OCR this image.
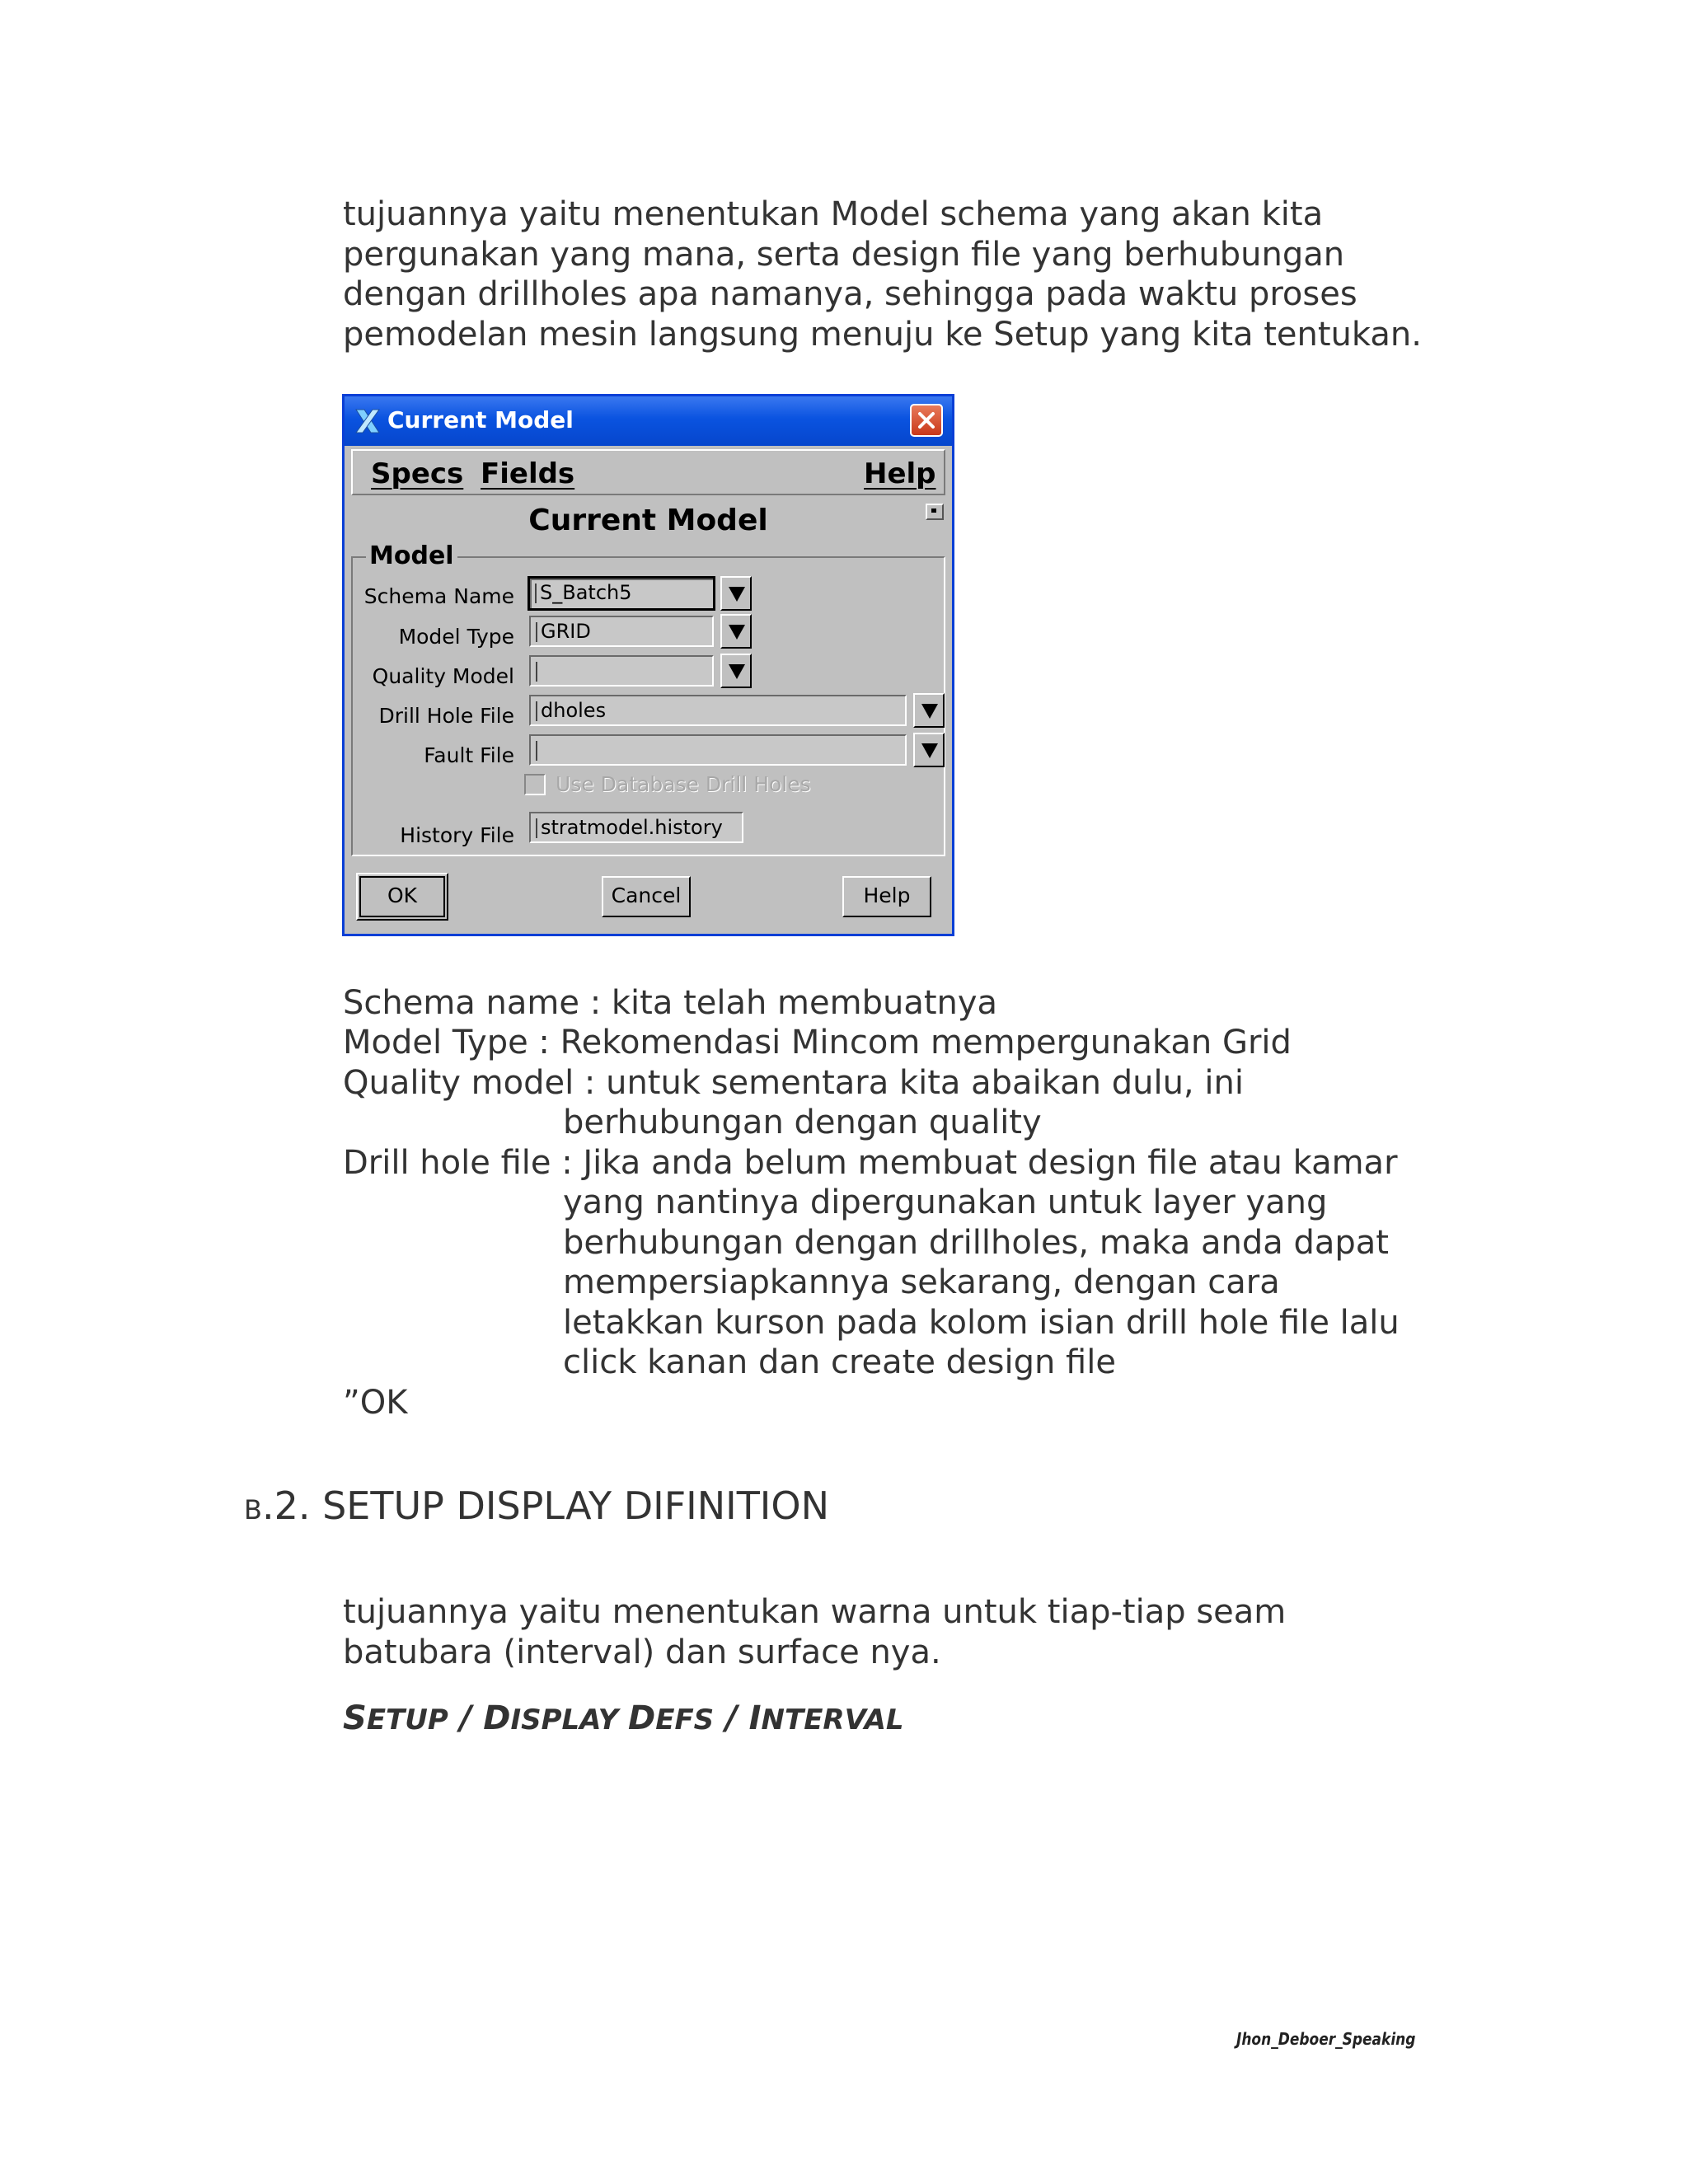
tujuannya yaitu menentukan Model schema yang akan kita
pergunakan yang mana, serta design file yang berhubungan
dengan drillholes apa namanya, sehingga pada waktu proses
pemodelan mesin langsung menuju ke Setup yang kita tentukan.

Current Model
Specs Fields	Help
Current Model
Model
Schema Name	S_Batch5
Model Type	GRID
Quality Model
Drill Hole File	dholes
Fault File
Use Database Drill Holes
History File	stratmodel.history
OK	Cancel	Help
Schema name : kita telah membuatnya
Model Type : Rekomendasi Mincom mempergunakan Grid
Quality model : untuk sementara kita abaikan dulu, ini
berhubungan dengan quality
Drill hole file : Jika anda belum membuat design file atau kamar
yang nantinya dipergunakan untuk layer yang
berhubungan dengan drillholes, maka anda dapat
mempersiapkannya sekarang, dengan cara
letakkan kurson pada kolom isian drill hole file lalu
click kanan dan create design file
”OK
B.2. SETUP DISPLAY DIFINITION

tujuannya yaitu menentukan warna untuk tiap-tiap seam
batubara (interval) dan surface nya.

SETUP / DISPLAY DEFS / INTERVAL
Jhon_Deboer_Speaking
